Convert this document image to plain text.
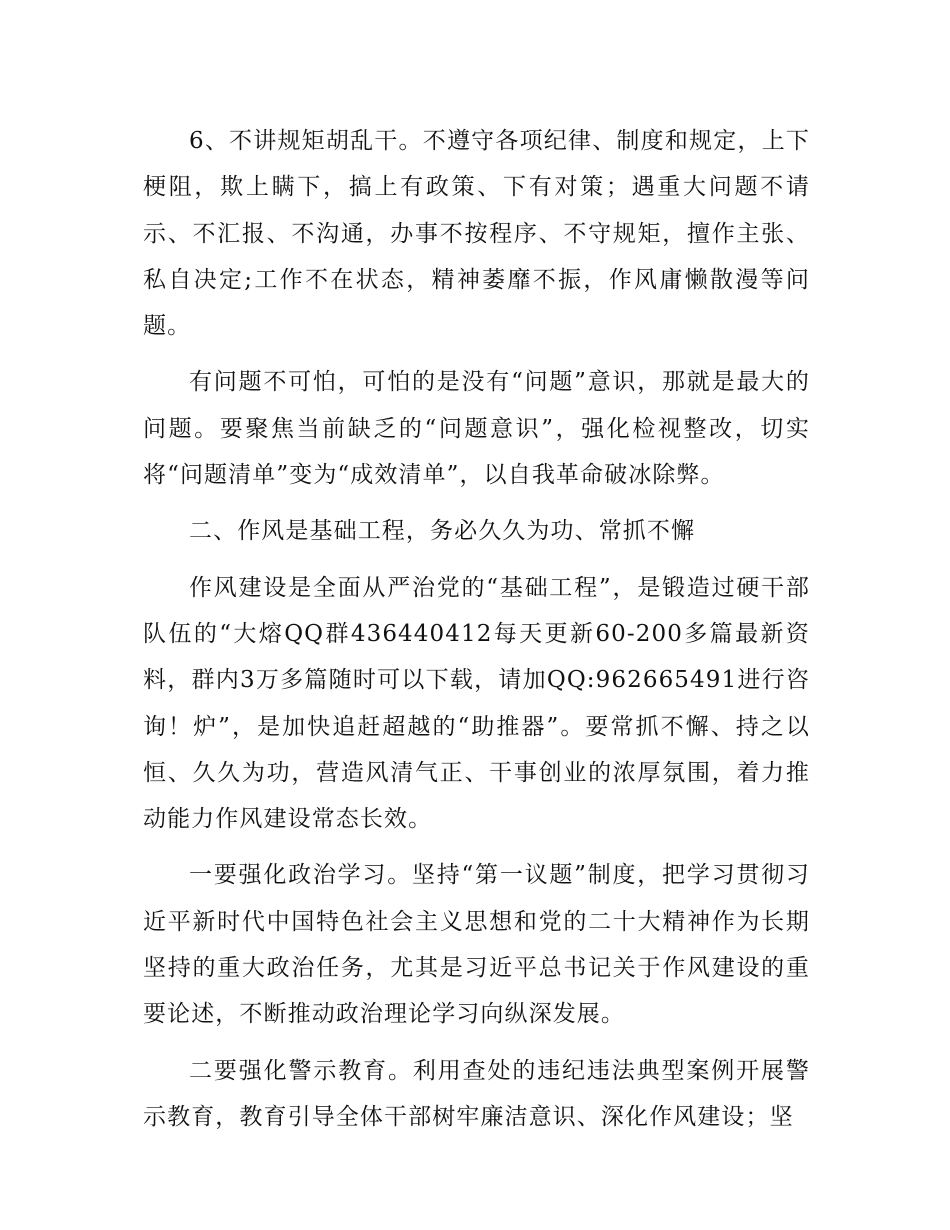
6、不讲规矩胡乱干。不遵守各项纪律、制度和规定，上下梗阻，欺上瞒下，搞上有政策、下有对策；遇重大问题不请示、不汇报、不沟通，办事不按程序、不守规矩，擅作主张、私自决定;工作不在状态，精神萎靡不振，作风庸懒散漫等问题。

有问题不可怕，可怕的是没有“问题”意识，那就是最大的问题。要聚焦当前缺乏的“问题意识”，强化检视整改，切实将“问题清单”变为“成效清单”，以自我革命破冰除弊。

二、作风是基础工程，务必久久为功、常抓不懈

作风建设是全面从严治党的“基础工程”，是锻造过硬干部队伍的“大熔QQ群436440412每天更新60-200多篇最新资料，群内3万多篇随时可以下载，请加QQ:962665491进行咨询！炉”，是加快追赶超越的“助推器”。要常抓不懈、持之以恒、久久为功，营造风清气正、干事创业的浓厚氛围，着力推动能力作风建设常态长效。

一要强化政治学习。坚持“第一议题”制度，把学习贯彻习近平新时代中国特色社会主义思想和党的二十大精神作为长期坚持的重大政治任务，尤其是习近平总书记关于作风建设的重要论述，不断推动政治理论学习向纵深发展。

二要强化警示教育。利用查处的违纪违法典型案例开展警示教育，教育引导全体干部树牢廉洁意识、深化作风建设；坚
